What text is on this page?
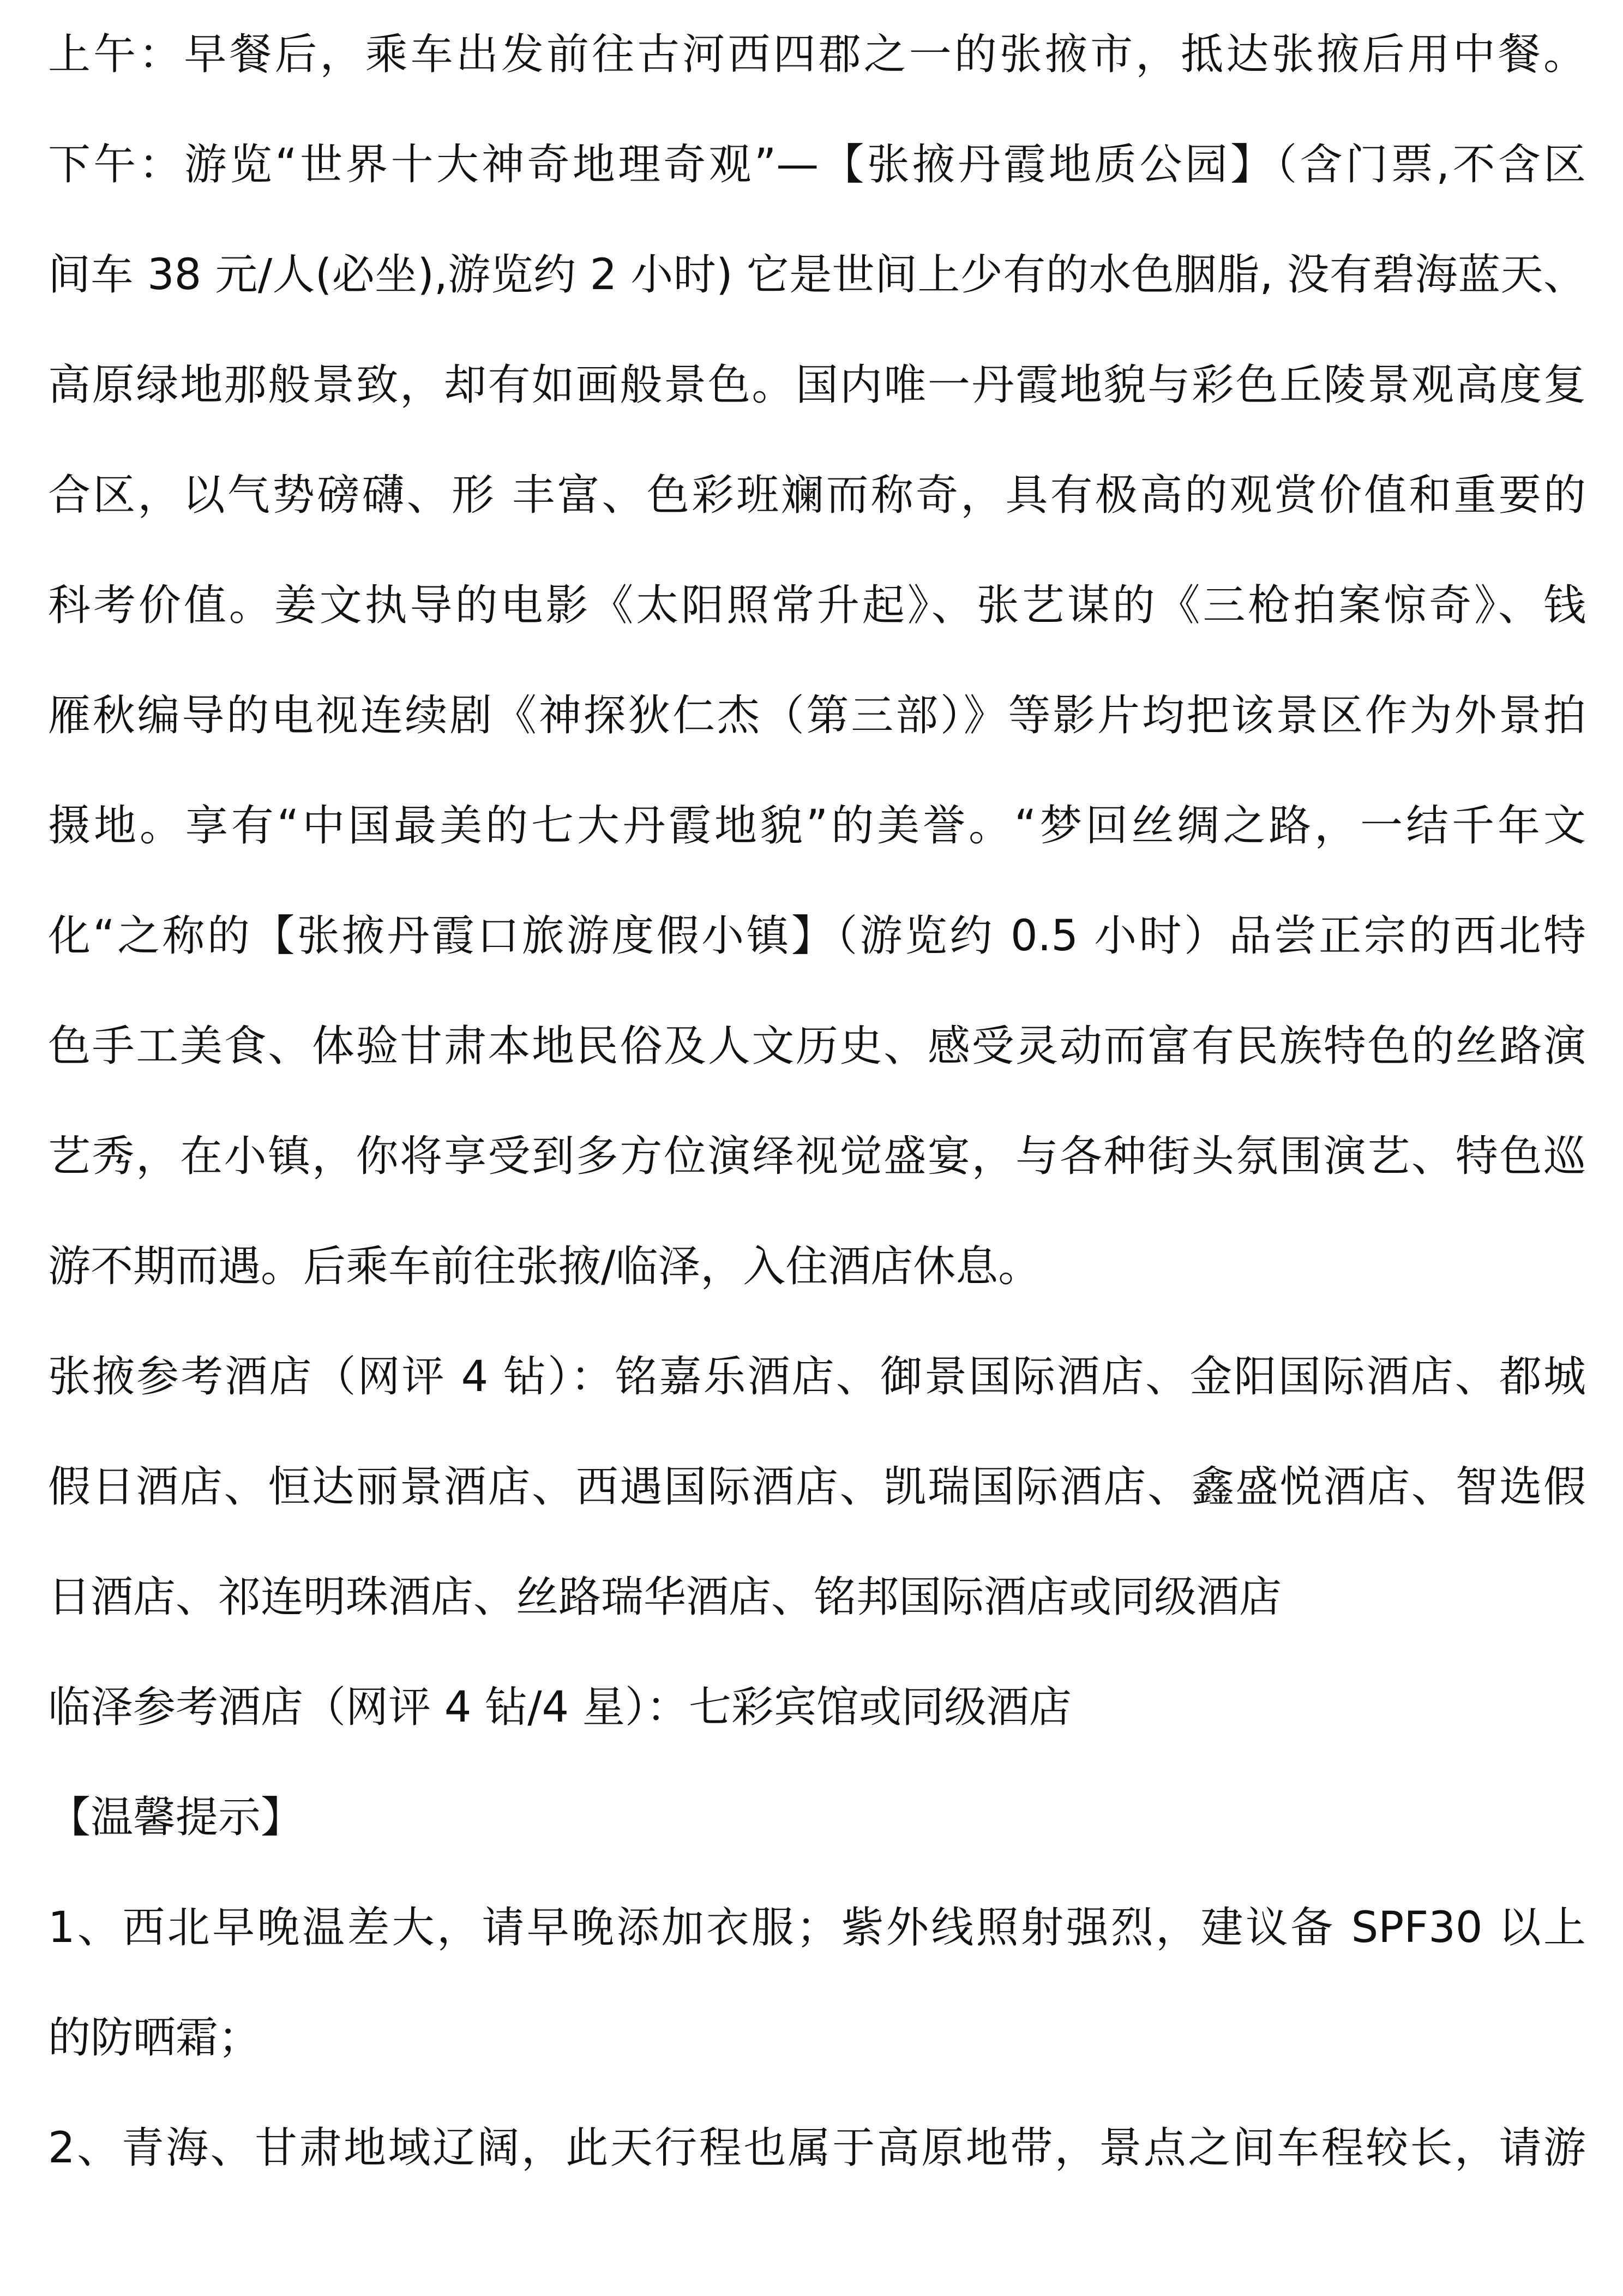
上午：早餐后，乘车出发前往古河西四郡之一的张掖市，抵达张掖后用中餐。
下午：游览“世界十大神奇地理奇观”—【张掖丹霞地质公园】（含门票,不含区
间车 38 元/人(必坐),游览约 2 小时) 它是世间上少有的水色胭脂, 没有碧海蓝天、
高原绿地那般景致，却有如画般景色。国内唯一丹霞地貌与彩色丘陵景观高度复
合区，以气势磅礴、形 丰富、色彩班斓而称奇，具有极高的观赏价值和重要的
科考价值。姜文执导的电影《太阳照常升起》、张艺谋的《三枪拍案惊奇》、钱
雁秋编导的电视连续剧《神探狄仁杰（第三部）》等影片均把该景区作为外景拍
摄地。享有“中国最美的七大丹霞地貌”的美誉。“梦回丝绸之路，一结千年文
化“之称的【张掖丹霞口旅游度假小镇】（游览约 0.5 小时）品尝正宗的西北特
色手工美食、体验甘肃本地民俗及人文历史、感受灵动而富有民族特色的丝路演
艺秀，在小镇，你将享受到多方位演绎视觉盛宴，与各种街头氛围演艺、特色巡
游不期而遇。后乘车前往张掖/临泽，入住酒店休息。
张掖参考酒店（网评 4 钻）：铭嘉乐酒店、御景国际酒店、金阳国际酒店、都城
假日酒店、恒达丽景酒店、西遇国际酒店、凯瑞国际酒店、鑫盛悦酒店、智选假
日酒店、祁连明珠酒店、丝路瑞华酒店、铭邦国际酒店或同级酒店
临泽参考酒店（网评 4 钻/4 星）：七彩宾馆或同级酒店
【温馨提示】
1、西北早晚温差大，请早晚添加衣服；紫外线照射强烈，建议备 SPF30 以上
的防晒霜；
2、青海、甘肃地域辽阔，此天行程也属于高原地带，景点之间车程较长，请游
